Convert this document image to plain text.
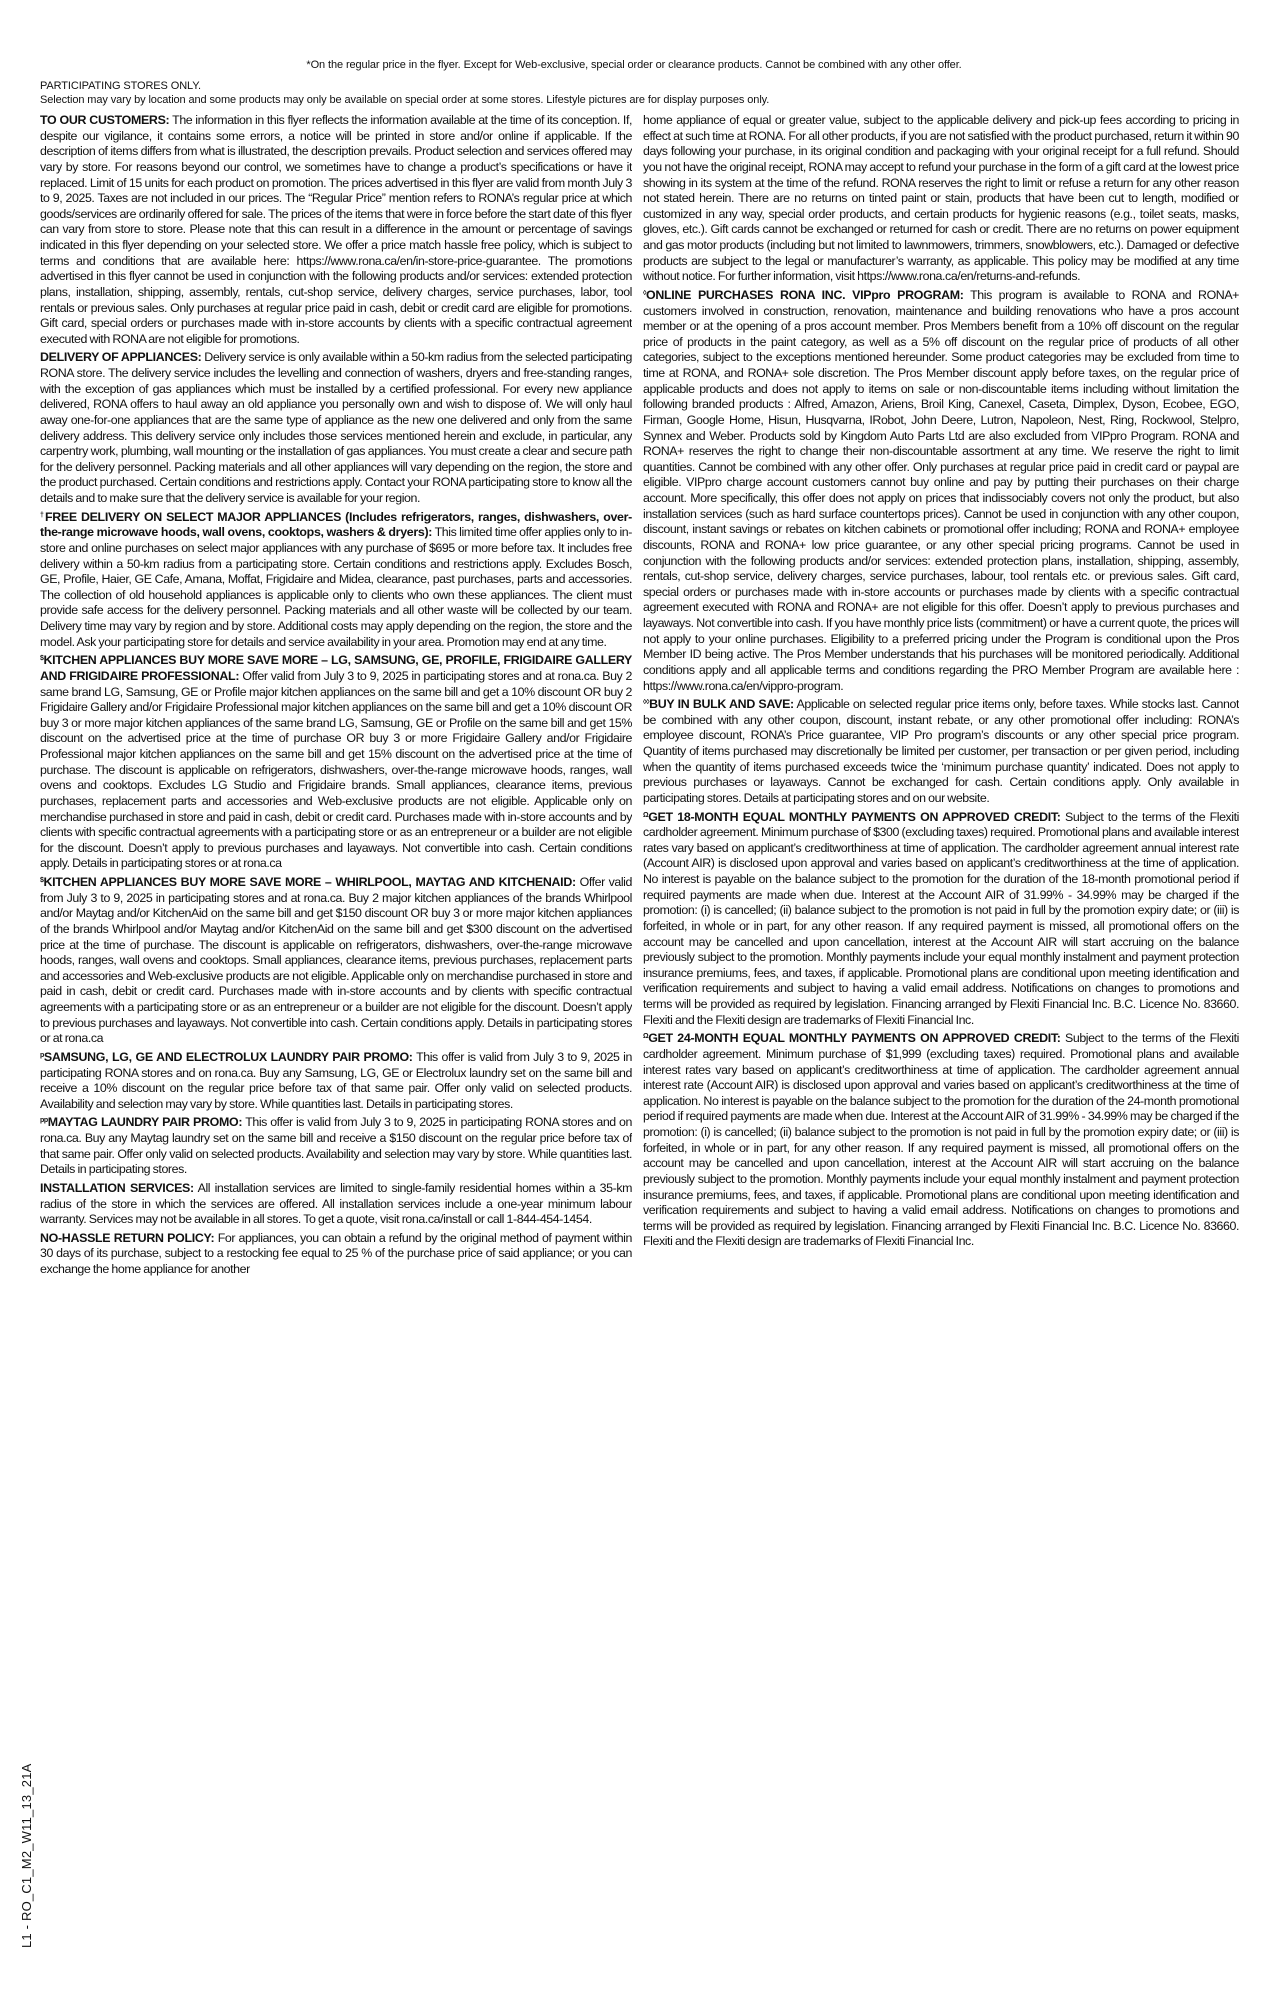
*On the regular price in the flyer. Except for Web-exclusive, special order or clearance products. Cannot be combined with any other offer.
PARTICIPATING STORES ONLY.
Selection may vary by location and some products may only be available on special order at some stores. Lifestyle pictures are for display purposes only.

TO OUR CUSTOMERS: The information in this flyer reflects the information available at the time of its conception. If, despite our vigilance, it contains some errors, a notice will be printed in store and/or online if applicable. If the description of items differs from what is illustrated, the description prevails. Product selection and services offered may vary by store. For reasons beyond our control, we sometimes have to change a product’s specifications or have it replaced. Limit of 15 units for each product on promotion. The prices advertised in this flyer are valid from month July 3 to 9, 2025. Taxes are not included in our prices. The “Regular Price” mention refers to RONA’s regular price at which goods/services are ordinarily offered for sale. The prices of the items that were in force before the start date of this flyer can vary from store to store. Please note that this can result in a difference in the amount or percentage of savings indicated in this flyer depending on your selected store. We offer a price match hassle free policy, which is subject to terms and conditions that are available here: https://www.rona.ca/en/in-store-price-guarantee. The promotions advertised in this flyer cannot be used in conjunction with the following products and/or services: extended protection plans, installation, shipping, assembly, rentals, cut-shop service, delivery charges, service purchases, labor, tool rentals or previous sales. Only purchases at regular price paid in cash, debit or credit card are eligible for promotions. Gift card, special orders or purchases made with in-store accounts by clients with a specific contractual agreement executed with RONA are not eligible for promotions.

DELIVERY OF APPLIANCES: Delivery service is only available within a 50-km radius from the selected participating RONA store. The delivery service includes the levelling and connection of washers, dryers and free-standing ranges, with the exception of gas appliances which must be installed by a certified professional. For every new appliance delivered, RONA offers to haul away an old appliance you personally own and wish to dispose of. We will only haul away one-for-one appliances that are the same type of appliance as the new one delivered and only from the same delivery address. This delivery service only includes those services mentioned herein and exclude, in particular, any carpentry work, plumbing, wall mounting or the installation of gas appliances. You must create a clear and secure path for the delivery personnel. Packing materials and all other appliances will vary depending on the region, the store and the product purchased. Certain conditions and restrictions apply. Contact your RONA participating store to know all the details and to make sure that the delivery service is available for your region.

†FREE DELIVERY ON SELECT MAJOR APPLIANCES (Includes refrigerators, ranges, dishwashers, over-the-range microwave hoods, wall ovens, cooktops, washers & dryers): This limited time offer applies only to in-store and online purchases on select major appliances with any purchase of $695 or more before tax. It includes free delivery within a 50-km radius from a participating store. Certain conditions and restrictions apply. Excludes Bosch, GE, Profile, Haier, GE Cafe, Amana, Moffat, Frigidaire and Midea, clearance, past purchases, parts and accessories. The collection of old household appliances is applicable only to clients who own these appliances. The client must provide safe access for the delivery personnel. Packing materials and all other waste will be collected by our team. Delivery time may vary by region and by store. Additional costs may apply depending on the region, the store and the model. Ask your participating store for details and service availability in your area. Promotion may end at any time.

$KITCHEN APPLIANCES BUY MORE SAVE MORE – LG, SAMSUNG, GE, PROFILE, FRIGIDAIRE GALLERY AND FRIGIDAIRE PROFESSIONAL: Offer valid from July 3 to 9, 2025 in participating stores and at rona.ca. Buy 2 same brand LG, Samsung, GE or Profile major kitchen appliances on the same bill and get a 10% discount OR buy 2 Frigidaire Gallery and/or Frigidaire Professional major kitchen appliances on the same bill and get a 10% discount OR buy 3 or more major kitchen appliances of the same brand LG, Samsung, GE or Profile on the same bill and get 15% discount on the advertised price at the time of purchase OR buy 3 or more Frigidaire Gallery and/or Frigidaire Professional major kitchen appliances on the same bill and get 15% discount on the advertised price at the time of purchase. The discount is applicable on refrigerators, dishwashers, over-the-range microwave hoods, ranges, wall ovens and cooktops. Excludes LG Studio and Frigidaire brands. Small appliances, clearance items, previous purchases, replacement parts and accessories and Web-exclusive products are not eligible. Applicable only on merchandise purchased in store and paid in cash, debit or credit card. Purchases made with in-store accounts and by clients with specific contractual agreements with a participating store or as an entrepreneur or a builder are not eligible for the discount. Doesn’t apply to previous purchases and layaways. Not convertible into cash. Certain conditions apply. Details in participating stores or at rona.ca

$KITCHEN APPLIANCES BUY MORE SAVE MORE – WHIRLPOOL, MAYTAG AND KITCHENAID: Offer valid from July 3 to 9, 2025 in participating stores and at rona.ca. Buy 2 major kitchen appliances of the brands Whirlpool and/or Maytag and/or KitchenAid on the same bill and get $150 discount OR buy 3 or more major kitchen appliances of the brands Whirlpool and/or Maytag and/or KitchenAid on the same bill and get $300 discount on the advertised price at the time of purchase. The discount is applicable on refrigerators, dishwashers, over-the-range microwave hoods, ranges, wall ovens and cooktops. Small appliances, clearance items, previous purchases, replacement parts and accessories and Web-exclusive products are not eligible. Applicable only on merchandise purchased in store and paid in cash, debit or credit card. Purchases made with in-store accounts and by clients with specific contractual agreements with a participating store or as an entrepreneur or a builder are not eligible for the discount. Doesn’t apply to previous purchases and layaways. Not convertible into cash. Certain conditions apply. Details in participating stores or at rona.ca

$^p$SAMSUNG, LG, GE AND ELECTROLUX LAUNDRY PAIR PROMO: This offer is valid from July 3 to 9, 2025 in participating RONA stores and on rona.ca. Buy any Samsung, LG, GE or Electrolux laundry set on the same bill and receive a 10% discount on the regular price before tax of that same pair. Offer only valid on selected products. Availability and selection may vary by store. While quantities last. Details in participating stores.

$^{pp}$MAYTAG LAUNDRY PAIR PROMO: This offer is valid from July 3 to 9, 2025 in participating RONA stores and on rona.ca. Buy any Maytag laundry set on the same bill and receive a $150 discount on the regular price before tax of that same pair. Offer only valid on selected products. Availability and selection may vary by store. While quantities last. Details in participating stores.

INSTALLATION SERVICES: All installation services are limited to single-family residential homes within a 35-km radius of the store in which the services are offered. All installation services include a one-year minimum labour warranty. Services may not be available in all stores. To get a quote, visit rona.ca/install or call 1-844-454-1454.

NO-HASSLE RETURN POLICY: For appliances, you can obtain a refund by the original method of payment within 30 days of its purchase, subject to a restocking fee equal to 25 % of the purchase price of said appliance; or you can exchange the home appliance for another

home appliance of equal or greater value, subject to the applicable delivery and pick-up fees according to pricing in effect at such time at RONA. For all other products, if you are not satisfied with the product purchased, return it within 90 days following your purchase, in its original condition and packaging with your original receipt for a full refund. Should you not have the original receipt, RONA may accept to refund your purchase in the form of a gift card at the lowest price showing in its system at the time of the refund. RONA reserves the right to limit or refuse a return for any other reason not stated herein. There are no returns on tinted paint or stain, products that have been cut to length, modified or customized in any way, special order products, and certain products for hygienic reasons (e.g., toilet seats, masks, gloves, etc.). Gift cards cannot be exchanged or returned for cash or credit. There are no returns on power equipment and gas motor products (including but not limited to lawnmowers, trimmers, snowblowers, etc.). Damaged or defective products are subject to the legal or manufacturer’s warranty, as applicable. This policy may be modified at any time without notice. For further information, visit https://www.rona.ca/en/returns-and-refunds.

◊ONLINE PURCHASES RONA INC. VIPpro PROGRAM: This program is available to RONA and RONA+ customers involved in construction, renovation, maintenance and building renovations who have a pros account member or at the opening of a pros account member. Pros Members benefit from a 10% off discount on the regular price of products in the paint category, as well as a 5% off discount on the regular price of products of all other categories, subject to the exceptions mentioned hereunder. Some product categories may be excluded from time to time at RONA, and RONA+ sole discretion. The Pros Member discount apply before taxes, on the regular price of applicable products and does not apply to items on sale or non-discountable items including without limitation the following branded products : Alfred, Amazon, Ariens, Broil King, Canexel, Caseta, Dimplex, Dyson, Ecobee, EGO, Firman, Google Home, Hisun, Husqvarna, IRobot, John Deere, Lutron, Napoleon, Nest, Ring, Rockwool, Stelpro, Synnex and Weber. Products sold by Kingdom Auto Parts Ltd are also excluded from VIPpro Program. RONA and RONA+ reserves the right to change their non-discountable assortment at any time. We reserve the right to limit quantities. Cannot be combined with any other offer. Only purchases at regular price paid in credit card or paypal are eligible. VIPpro charge account customers cannot buy online and pay by putting their purchases on their charge account. More specifically, this offer does not apply on prices that indissociably covers not only the product, but also installation services (such as hard surface countertops prices). Cannot be used in conjunction with any other coupon, discount, instant savings or rebates on kitchen cabinets or promotional offer including; RONA and RONA+ employee discounts, RONA and RONA+ low price guarantee, or any other special pricing programs. Cannot be used in conjunction with the following products and/or services: extended protection plans, installation, shipping, assembly, rentals, cut-shop service, delivery charges, service purchases, labour, tool rentals etc. or previous sales. Gift card, special orders or purchases made with in-store accounts or purchases made by clients with a specific contractual agreement executed with RONA and RONA+ are not eligible for this offer. Doesn’t apply to previous purchases and layaways. Not convertible into cash. If you have monthly price lists (commitment) or have a current quote, the prices will not apply to your online purchases. Eligibility to a preferred pricing under the Program is conditional upon the Pros Member ID being active. The Pros Member understands that his purchases will be monitored periodically. Additional conditions apply and all applicable terms and conditions regarding the PRO Member Program are available here : https://www.rona.ca/en/vippro-program.

◊◊BUY IN BULK AND SAVE: Applicable on selected regular price items only, before taxes. While stocks last. Cannot be combined with any other coupon, discount, instant rebate, or any other promotional offer including: RONA’s employee discount, RONA’s Price guarantee, VIP Pro program’s discounts or any other special price program. Quantity of items purchased may discretionally be limited per customer, per transaction or per given period, including when the quantity of items purchased exceeds twice the ‘minimum purchase quantity’ indicated. Does not apply to previous purchases or layaways. Cannot be exchanged for cash. Certain conditions apply. Only available in participating stores. Details at participating stores and on our website.

$^\Omega$GET 18-MONTH EQUAL MONTHLY PAYMENTS ON APPROVED CREDIT: Subject to the terms of the Flexiti cardholder agreement. Minimum purchase of $300 (excluding taxes) required. Promotional plans and available interest rates vary based on applicant’s creditworthiness at time of application. The cardholder agreement annual interest rate (Account AIR) is disclosed upon approval and varies based on applicant’s creditworthiness at the time of application. No interest is payable on the balance subject to the promotion for the duration of the 18-month promotional period if required payments are made when due. Interest at the Account AIR of 31.99% - 34.99% may be charged if the promotion: (i) is cancelled; (ii) balance subject to the promotion is not paid in full by the promotion expiry date; or (iii) is forfeited, in whole or in part, for any other reason. If any required payment is missed, all promotional offers on the account may be cancelled and upon cancellation, interest at the Account AIR will start accruing on the balance previously subject to the promotion. Monthly payments include your equal monthly instalment and payment protection insurance premiums, fees, and taxes, if applicable. Promotional plans are conditional upon meeting identification and verification requirements and subject to having a valid email address. Notifications on changes to promotions and terms will be provided as required by legislation. Financing arranged by Flexiti Financial Inc. B.C. Licence No. 83660. Flexiti and the Flexiti design are trademarks of Flexiti Financial Inc.

$^\Omega$GET 24-MONTH EQUAL MONTHLY PAYMENTS ON APPROVED CREDIT: Subject to the terms of the Flexiti cardholder agreement. Minimum purchase of $1,999 (excluding taxes) required. Promotional plans and available interest rates vary based on applicant’s creditworthiness at time of application. The cardholder agreement annual interest rate (Account AIR) is disclosed upon approval and varies based on applicant’s creditworthiness at the time of application. No interest is payable on the balance subject to the promotion for the duration of the 24-month promotional period if required payments are made when due. Interest at the Account AIR of 31.99% - 34.99% may be charged if the promotion: (i) is cancelled; (ii) balance subject to the promotion is not paid in full by the promotion expiry date; or (iii) is forfeited, in whole or in part, for any other reason. If any required payment is missed, all promotional offers on the account may be cancelled and upon cancellation, interest at the Account AIR will start accruing on the balance previously subject to the promotion. Monthly payments include your equal monthly instalment and payment protection insurance premiums, fees, and taxes, if applicable. Promotional plans are conditional upon meeting identification and verification requirements and subject to having a valid email address. Notifications on changes to promotions and terms will be provided as required by legislation. Financing arranged by Flexiti Financial Inc. B.C. Licence No. 83660. Flexiti and the Flexiti design are trademarks of Flexiti Financial Inc.

L1 - RO_C1_M2_W11_13_21A
